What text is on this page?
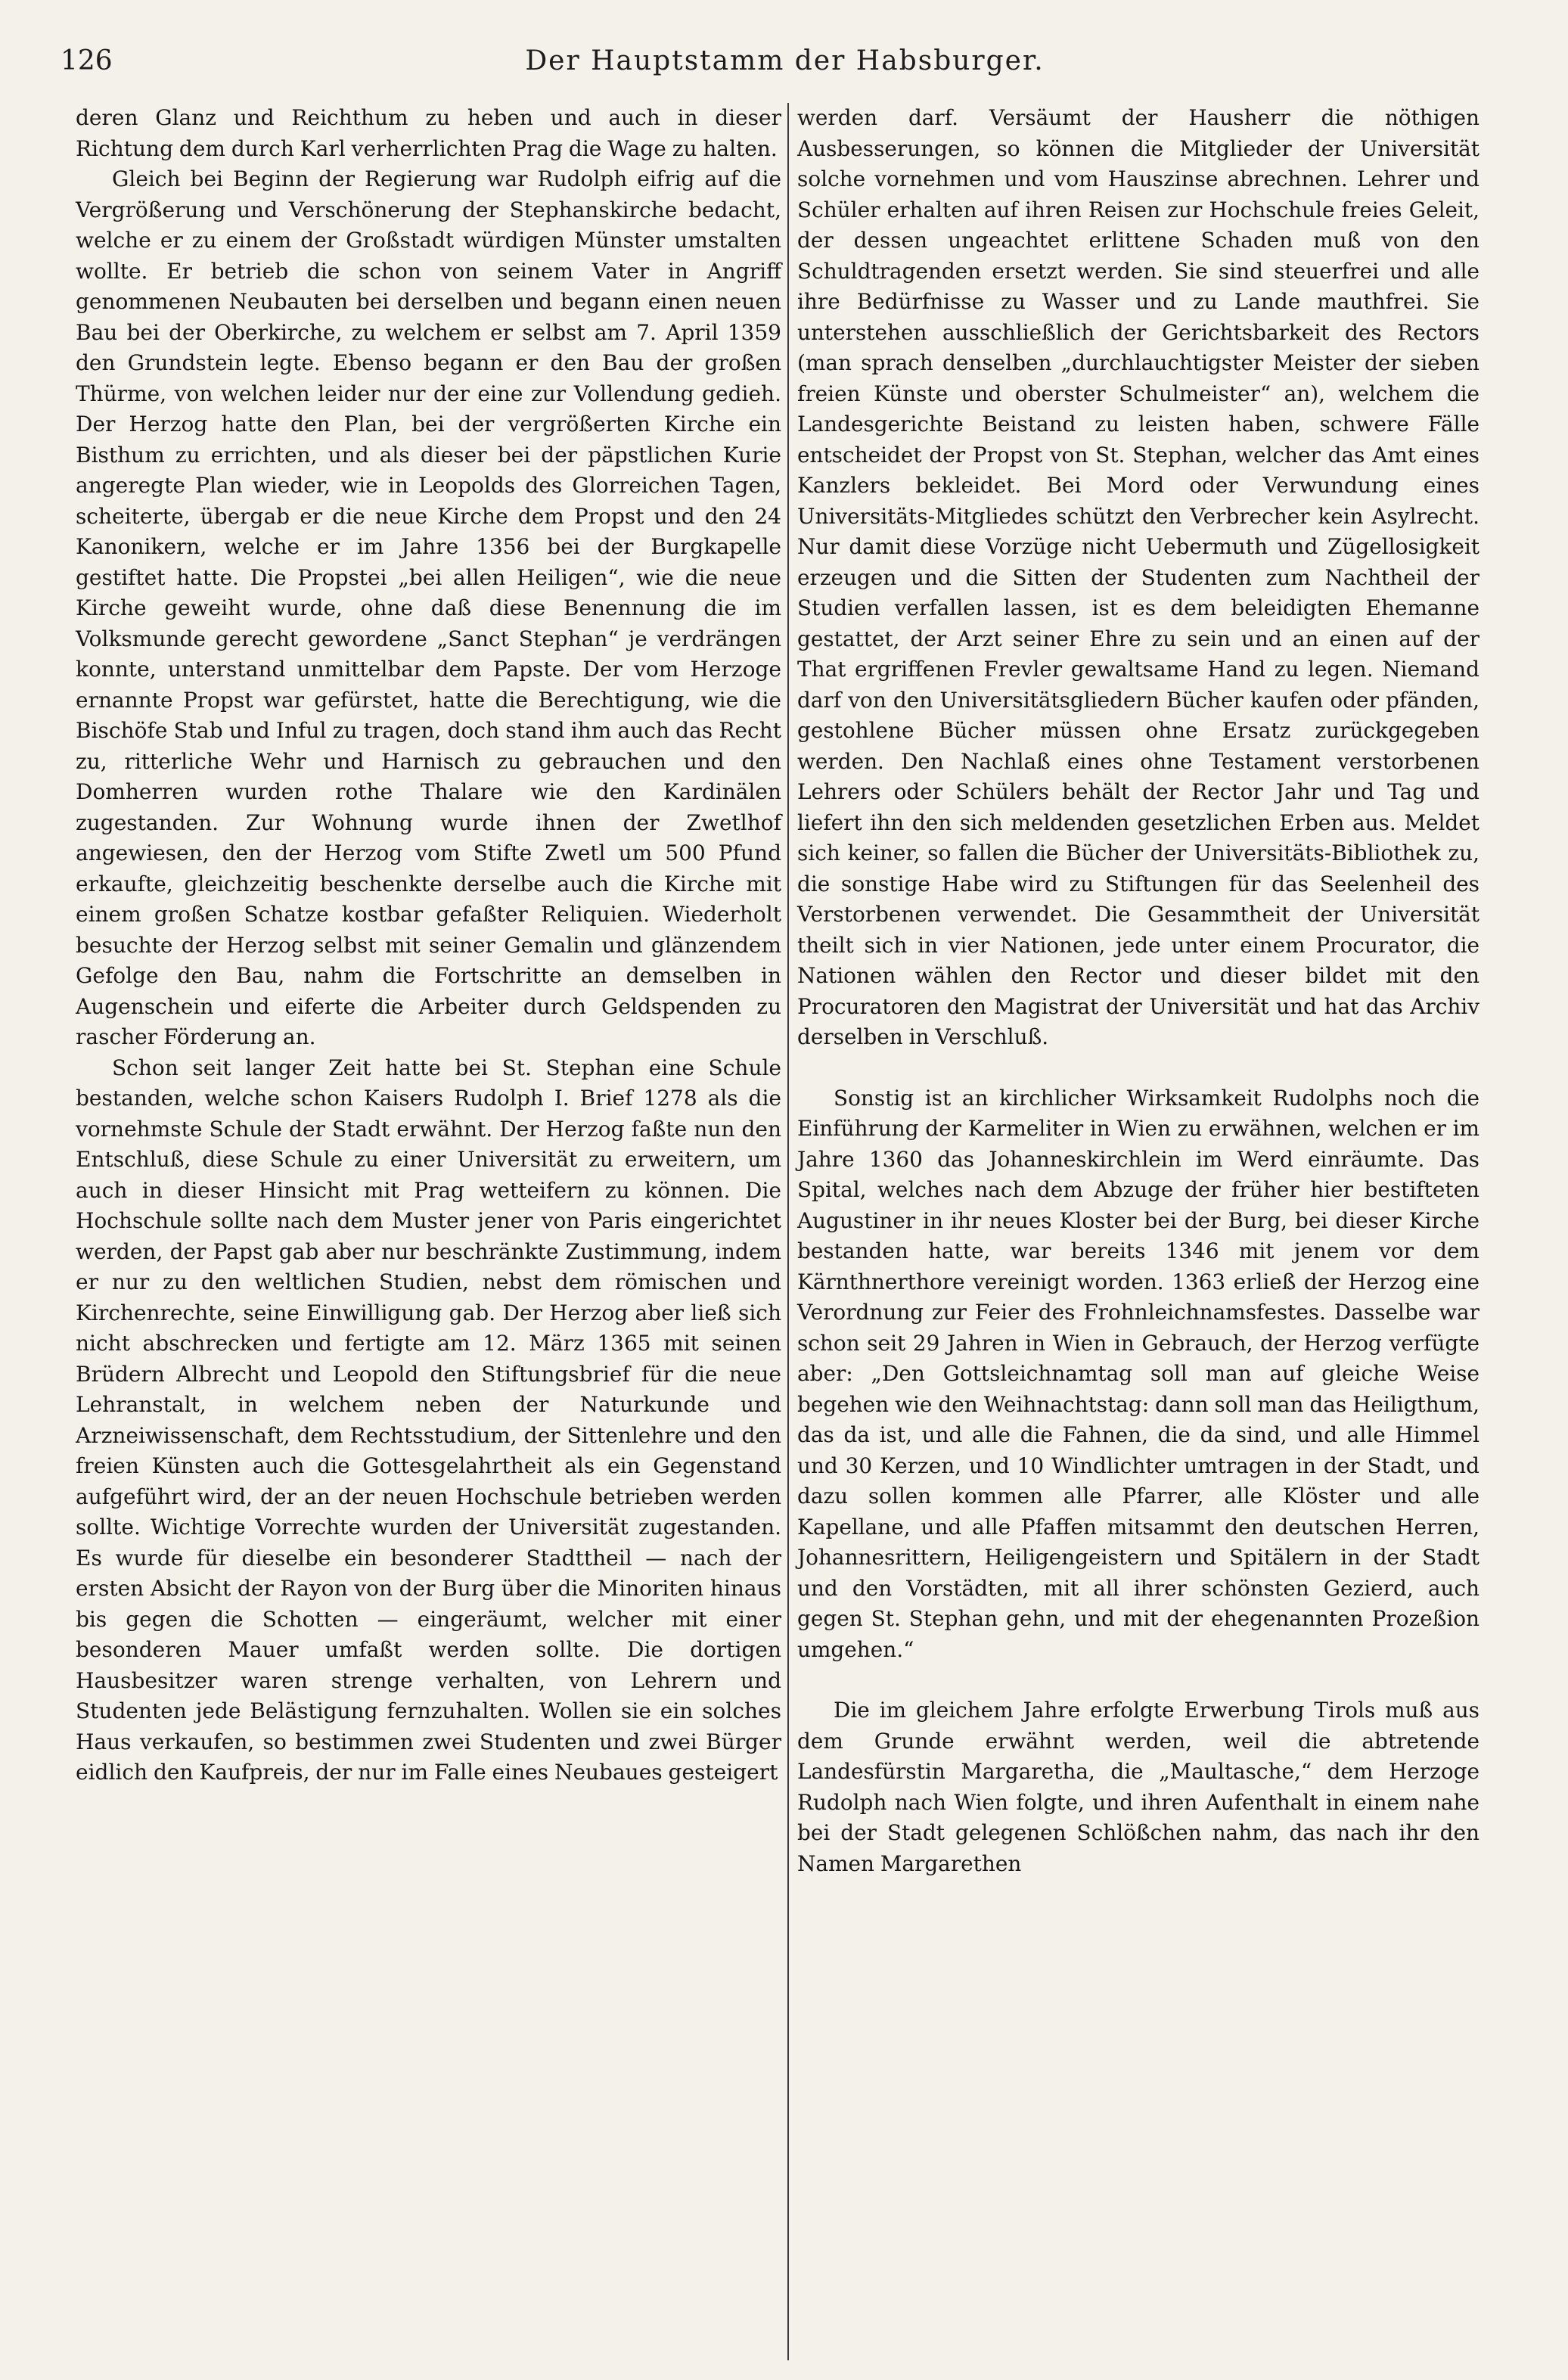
126	Der Hauptstamm der Habsburger.

deren Glanz und Reichthum zu heben und auch in dieser Richtung dem durch Karl verherrlichten Prag die Wage zu halten.

Gleich bei Beginn der Regierung war Rudolph eifrig auf die Vergrößerung und Verschönerung der Stephanskirche bedacht, welche er zu einem der Großstadt würdigen Münster umstalten wollte. Er betrieb die schon von seinem Vater in Angriff genommenen Neubauten bei derselben und begann einen neuen Bau bei der Oberkirche, zu welchem er selbst am 7. April 1359 den Grundstein legte. Ebenso begann er den Bau der großen Thürme, von welchen leider nur der eine zur Vollendung gedieh. Der Herzog hatte den Plan, bei der vergrößerten Kirche ein Bisthum zu errichten, und als dieser bei der päpstlichen Kurie angeregte Plan wieder, wie in Leopolds des Glorreichen Tagen, scheiterte, übergab er die neue Kirche dem Propst und den 24 Kanonikern, welche er im Jahre 1356 bei der Burgkapelle gestiftet hatte. Die Propstei „bei allen Heiligen“, wie die neue Kirche geweiht wurde, ohne daß diese Benennung die im Volksmunde gerecht gewordene „Sanct Stephan“ je verdrängen konnte, unterstand unmittelbar dem Papste. Der vom Herzoge ernannte Propst war gefürstet, hatte die Berechtigung, wie die Bischöfe Stab und Inful zu tragen, doch stand ihm auch das Recht zu, ritterliche Wehr und Harnisch zu gebrauchen und den Domherren wurden rothe Thalare wie den Kardinälen zugestanden. Zur Wohnung wurde ihnen der Zwetlhof angewiesen, den der Herzog vom Stifte Zwetl um 500 Pfund erkaufte, gleichzeitig beschenkte derselbe auch die Kirche mit einem großen Schatze kostbar gefaßter Reliquien. Wiederholt besuchte der Herzog selbst mit seiner Gemalin und glänzendem Gefolge den Bau, nahm die Fortschritte an demselben in Augenschein und eiferte die Arbeiter durch Geldspenden zu rascher Förderung an.

Schon seit langer Zeit hatte bei St. Stephan eine Schule bestanden, welche schon Kaisers Rudolph I. Brief 1278 als die vornehmste Schule der Stadt erwähnt. Der Herzog faßte nun den Entschluß, diese Schule zu einer Universität zu erweitern, um auch in dieser Hinsicht mit Prag wetteifern zu können. Die Hochschule sollte nach dem Muster jener von Paris eingerichtet werden, der Papst gab aber nur beschränkte Zustimmung, indem er nur zu den weltlichen Studien, nebst dem römischen und Kirchenrechte, seine Einwilligung gab. Der Herzog aber ließ sich nicht abschrecken und fertigte am 12. März 1365 mit seinen Brüdern Albrecht und Leopold den Stiftungsbrief für die neue Lehranstalt, in welchem neben der Naturkunde und Arzneiwissenschaft, dem Rechtsstudium, der Sittenlehre und den freien Künsten auch die Gottesgelahrtheit als ein Gegenstand aufgeführt wird, der an der neuen Hochschule betrieben werden sollte. Wichtige Vorrechte wurden der Universität zugestanden. Es wurde für dieselbe ein besonderer Stadttheil — nach der ersten Absicht der Rayon von der Burg über die Minoriten hinaus bis gegen die Schotten — eingeräumt, welcher mit einer besonderen Mauer umfaßt werden sollte. Die dortigen Hausbesitzer waren strenge verhalten, von Lehrern und Studenten jede Belästigung fernzuhalten. Wollen sie ein solches Haus verkaufen, so bestimmen zwei Studenten und zwei Bürger eidlich den Kaufpreis, der nur im Falle eines Neubaues gesteigert

werden darf. Versäumt der Hausherr die nöthigen Ausbesserungen, so können die Mitglieder der Universität solche vornehmen und vom Hauszinse abrechnen. Lehrer und Schüler erhalten auf ihren Reisen zur Hochschule freies Geleit, der dessen ungeachtet erlittene Schaden muß von den Schuldtragenden ersetzt werden. Sie sind steuerfrei und alle ihre Bedürfnisse zu Wasser und zu Lande mauthfrei. Sie unterstehen ausschließlich der Gerichtsbarkeit des Rectors (man sprach denselben „durchlauchtigster Meister der sieben freien Künste und oberster Schulmeister“ an), welchem die Landesgerichte Beistand zu leisten haben, schwere Fälle entscheidet der Propst von St. Stephan, welcher das Amt eines Kanzlers bekleidet. Bei Mord oder Verwundung eines Universitäts-Mitgliedes schützt den Verbrecher kein Asylrecht. Nur damit diese Vorzüge nicht Uebermuth und Zügellosigkeit erzeugen und die Sitten der Studenten zum Nachtheil der Studien verfallen lassen, ist es dem beleidigten Ehemanne gestattet, der Arzt seiner Ehre zu sein und an einen auf der That ergriffenen Frevler gewaltsame Hand zu legen. Niemand darf von den Universitätsgliedern Bücher kaufen oder pfänden, gestohlene Bücher müssen ohne Ersatz zurückgegeben werden. Den Nachlaß eines ohne Testament verstorbenen Lehrers oder Schülers behält der Rector Jahr und Tag und liefert ihn den sich meldenden gesetzlichen Erben aus. Meldet sich keiner, so fallen die Bücher der Universitäts-Bibliothek zu, die sonstige Habe wird zu Stiftungen für das Seelenheil des Verstorbenen verwendet. Die Gesammtheit der Universität theilt sich in vier Nationen, jede unter einem Procurator, die Nationen wählen den Rector und dieser bildet mit den Procuratoren den Magistrat der Universität und hat das Archiv derselben in Verschluß.

Sonstig ist an kirchlicher Wirksamkeit Rudolphs noch die Einführung der Karmeliter in Wien zu erwähnen, welchen er im Jahre 1360 das Johanneskirchlein im Werd einräumte. Das Spital, welches nach dem Abzuge der früher hier bestifteten Augustiner in ihr neues Kloster bei der Burg, bei dieser Kirche bestanden hatte, war bereits 1346 mit jenem vor dem Kärnthnerthore vereinigt worden. 1363 erließ der Herzog eine Verordnung zur Feier des Frohnleichnamsfestes. Dasselbe war schon seit 29 Jahren in Wien in Gebrauch, der Herzog verfügte aber: „Den Gottsleichnamtag soll man auf gleiche Weise begehen wie den Weihnachtstag: dann soll man das Heiligthum, das da ist, und alle die Fahnen, die da sind, und alle Himmel und 30 Kerzen, und 10 Windlichter umtragen in der Stadt, und dazu sollen kommen alle Pfarrer, alle Klöster und alle Kapellane, und alle Pfaffen mitsammt den deutschen Herren, Johannesrittern, Heiligengeistern und Spitälern in der Stadt und den Vorstädten, mit all ihrer schönsten Gezierd, auch gegen St. Stephan gehn, und mit der ehegenannten Prozeßion umgehen.“

Die im gleichem Jahre erfolgte Erwerbung Tirols muß aus dem Grunde erwähnt werden, weil die abtretende Landesfürstin Margaretha, die „Maultasche,“ dem Herzoge Rudolph nach Wien folgte, und ihren Aufenthalt in einem nahe bei der Stadt gelegenen Schlößchen nahm, das nach ihr den Namen Margarethen
